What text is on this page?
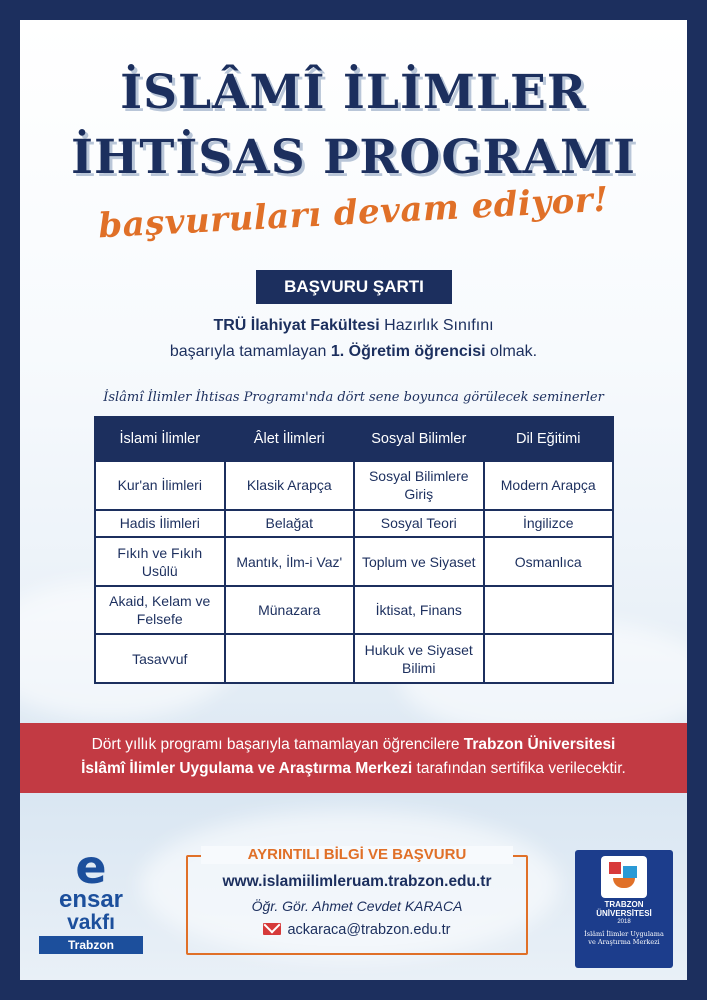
İSLÂMÎ İLİMLER
İHTİSAS PROGRAMI
başvuruları devam ediyor!
BAŞVURU ŞARTI
TRÜ İlahiyat Fakültesi Hazırlık Sınıfını
başarıyla tamamlayan 1. Öğretim öğrencisi olmak.
İslâmî İlimler İhtisas Programı'nda dört sene boyunca görülecek seminerler
İslami İlimler	Âlet İlimleri	Sosyal Bilimler	Dil Eğitimi
Kur'an İlimleri	Klasik Arapça	Sosyal Bilimlere Giriş	Modern Arapça
Hadis İlimleri	Belağat	Sosyal Teori	İngilizce
Fıkıh ve Fıkıh Usûlü	Mantık, İlm-i Vaz'	Toplum ve Siyaset	Osmanlıca
Akaid, Kelam ve Felsefe	Münazara	İktisat, Finans	
Tasavvuf		Hukuk ve Siyaset Bilimi	
Dört yıllık programı başarıyla tamamlayan öğrencilere Trabzon Üniversitesi
İslâmî İlimler Uygulama ve Araştırma Merkezi tarafından sertifika verilecektir.
AYRINTILI BİLGİ VE BAŞVURU
www.islamiilimleruam.trabzon.edu.tr
Öğr. Gör. Ahmet Cevdet KARACA
ackaraca@trabzon.edu.tr
e
ensar
vakfı
Trabzon
TRABZON
ÜNİVERSİTESİ
2018
İslâmî İlimler Uygulama
ve Araştırma Merkezi
